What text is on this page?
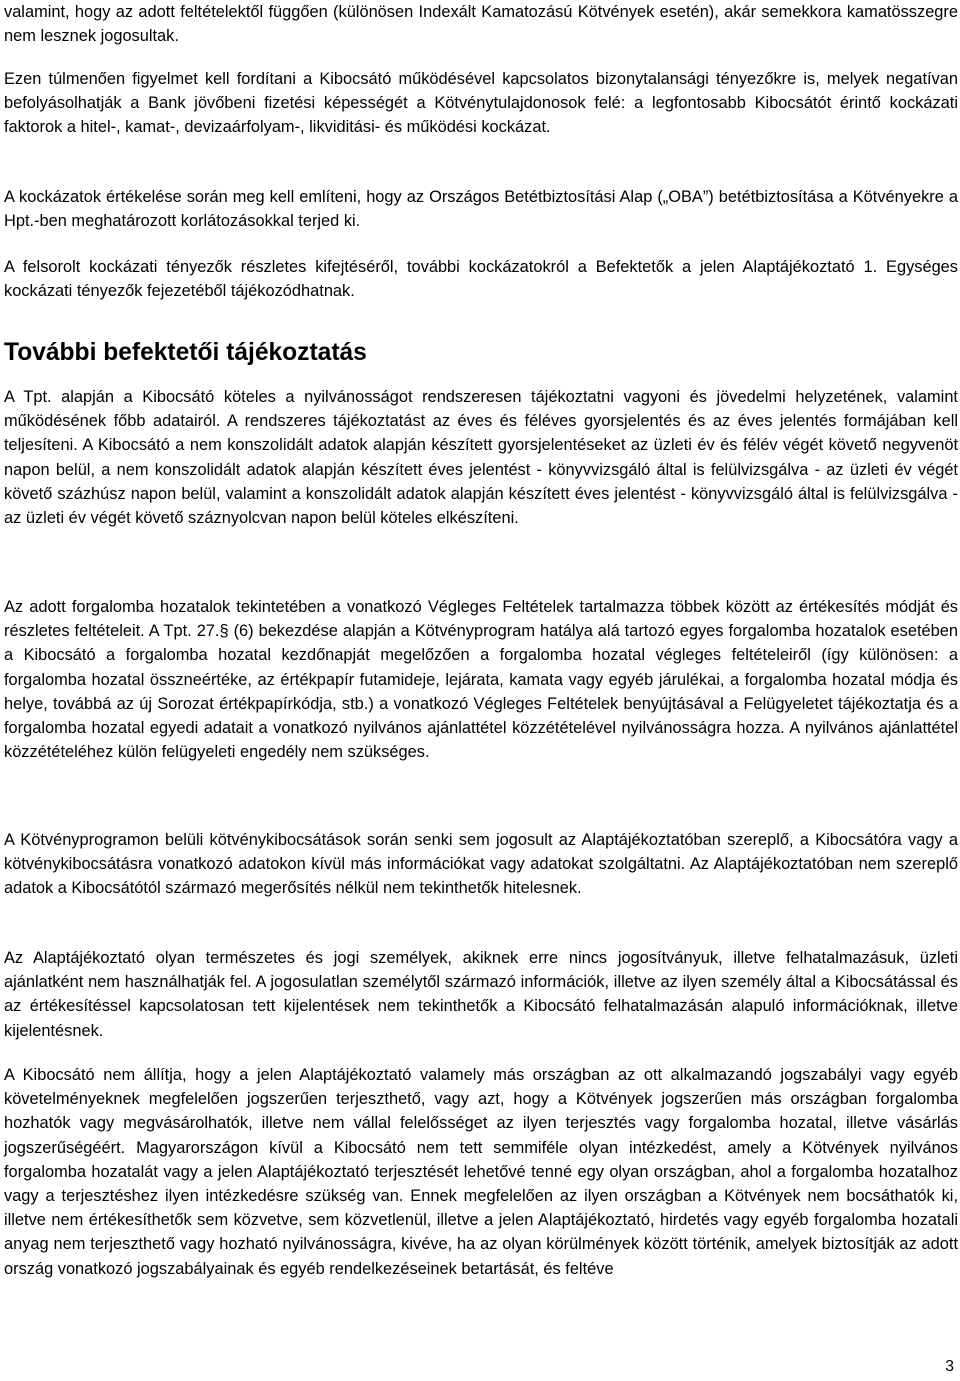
valamint, hogy az adott feltételektől függően (különösen Indexált Kamatozású Kötvények esetén), akár semekkora kamatösszegre nem lesznek jogosultak.

Ezen túlmenően figyelmet kell fordítani a Kibocsátó működésével kapcsolatos bizonytalansági tényezőkre is, melyek negatívan befolyásolhatják a Bank jövőbeni fizetési képességét a Kötvénytulajdonosok felé: a legfontosabb Kibocsátót érintő kockázati faktorok a hitel-, kamat-, devizaárfolyam-, likviditási- és működési kockázat.

A kockázatok értékelése során meg kell említeni, hogy az Országos Betétbiztosítási Alap („OBA”) betétbiztosítása a Kötvényekre a Hpt.-ben meghatározott korlátozásokkal terjed ki.

A felsorolt kockázati tényezők részletes kifejtéséről, további kockázatokról a Befektetők a jelen Alaptájékoztató 1. Egységes kockázati tényezők fejezetéből tájékozódhatnak.

További befektetői tájékoztatás

A Tpt. alapján a Kibocsátó köteles a nyilvánosságot rendszeresen tájékoztatni vagyoni és jövedelmi helyzetének, valamint működésének főbb adatairól. A rendszeres tájékoztatást az éves és féléves gyorsjelentés és az éves jelentés formájában kell teljesíteni. A Kibocsátó a nem konszolidált adatok alapján készített gyorsjelentéseket az üzleti év és félév végét követő negyvenöt napon belül, a nem konszolidált adatok alapján készített éves jelentést - könyvvizsgáló által is felülvizsgálva - az üzleti év végét követő százhúsz napon belül, valamint a konszolidált adatok alapján készített éves jelentést - könyvvizsgáló által is felülvizsgálva - az üzleti év végét követő száznyolcvan napon belül köteles elkészíteni.

Az adott forgalomba hozatalok tekintetében a vonatkozó Végleges Feltételek tartalmazza többek között az értékesítés módját és részletes feltételeit. A Tpt. 27.§ (6) bekezdése alapján a Kötvényprogram hatálya alá tartozó egyes forgalomba hozatalok esetében a Kibocsátó a forgalomba hozatal kezdőnapját megelőzően a forgalomba hozatal végleges feltételeiről (így különösen: a forgalomba hozatal összneértéke, az értékpapír futamideje, lejárata, kamata vagy egyéb járulékai, a forgalomba hozatal módja és helye, továbbá az új Sorozat értékpapírkódja, stb.) a vonatkozó Végleges Feltételek benyújtásával a Felügyeletet tájékoztatja és a forgalomba hozatal egyedi adatait a vonatkozó nyilvános ajánlattétel közzétételével nyilvánosságra hozza. A nyilvános ajánlattétel közzétételéhez külön felügyeleti engedély nem szükséges.

A Kötvényprogramon belüli kötvénykibocsátások során senki sem jogosult az Alaptájékoztatóban szereplő, a Kibocsátóra vagy a kötvénykibocsátásra vonatkozó adatokon kívül más információkat vagy adatokat szolgáltatni. Az Alaptájékoztatóban nem szereplő adatok a Kibocsátótól származó megerősítés nélkül nem tekinthetők hitelesnek.

Az Alaptájékoztató olyan természetes és jogi személyek, akiknek erre nincs jogosítványuk, illetve felhatalmazásuk, üzleti ajánlatként nem használhatják fel. A jogosulatlan személytől származó információk, illetve az ilyen személy által a Kibocsátással és az értékesítéssel kapcsolatosan tett kijelentések nem tekinthetők a Kibocsátó felhatalmazásán alapuló információknak, illetve kijelentésnek.

A Kibocsátó nem állítja, hogy a jelen Alaptájékoztató valamely más országban az ott alkalmazandó jogszabályi vagy egyéb követelményeknek megfelelően jogszerűen terjeszthető, vagy azt, hogy a Kötvények jogszerűen más országban forgalomba hozhatók vagy megvásárolhatók, illetve nem vállal felelősséget az ilyen terjesztés vagy forgalomba hozatal, illetve vásárlás jogszerűségéért. Magyarországon kívül a Kibocsátó nem tett semmiféle olyan intézkedést, amely a Kötvények nyilvános forgalomba hozatalát vagy a jelen Alaptájékoztató terjesztését lehetővé tenné egy olyan országban, ahol a forgalomba hozatalhoz vagy a terjesztéshez ilyen intézkedésre szükség van. Ennek megfelelően az ilyen országban a Kötvények nem bocsáthatók ki, illetve nem értékesíthetők sem közvetve, sem közvetlenül, illetve a jelen Alaptájékoztató, hirdetés vagy egyéb forgalomba hozatali anyag nem terjeszthető vagy hozható nyilvánosságra, kivéve, ha az olyan körülmények között történik, amelyek biztosítják az adott ország vonatkozó jogszabályainak és egyéb rendelkezéseinek betartását, és feltéve

3
